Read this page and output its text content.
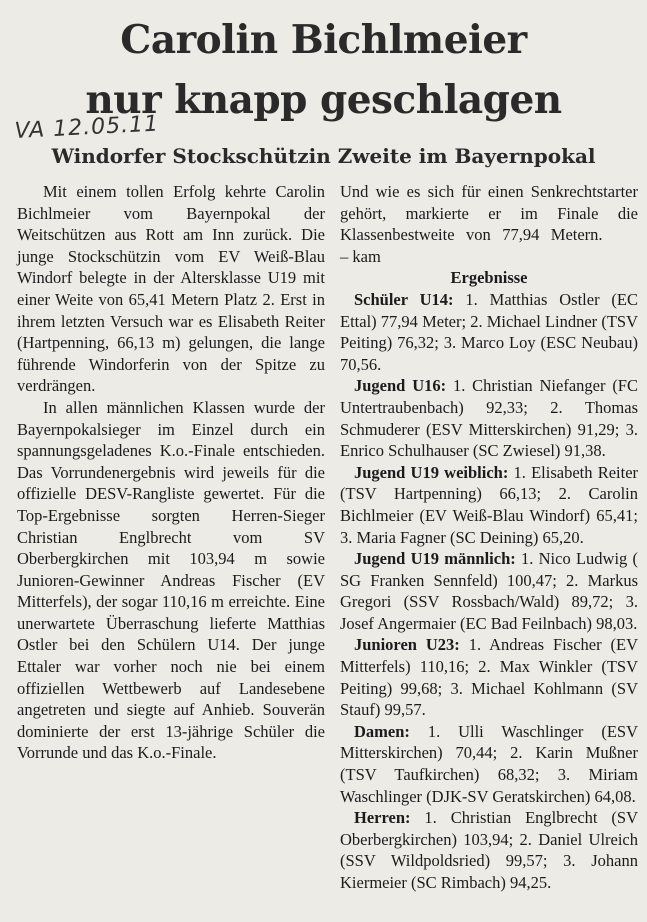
Carolin Bichlmeier
nur knapp geschlagen
VA 12.05.11
Windorfer Stockschützin Zweite im Bayernpokal

Mit einem tollen Erfolg kehrte Carolin Bichlmeier vom Bayernpokal der Weitschützen aus Rott am Inn zurück. Die junge Stockschützin vom EV Weiß-Blau Windorf belegte in der Altersklasse U19 mit einer Weite von 65,41 Metern Platz 2. Erst in ihrem letzten Versuch war es Elisabeth Reiter (Hartpenning, 66,13 m) gelungen, die lange führende Windorferin von der Spitze zu verdrängen.

In allen männlichen Klassen wurde der Bayernpokalsieger im Einzel durch ein spannungsgeladenes K.o.-Finale entschieden. Das Vorrundenergebnis wird jeweils für die offizielle DESV-Rangliste gewertet. Für die Top-Ergebnisse sorgten Herren-Sieger Christian Englbrecht vom SV Oberbergkirchen mit 103,94 m sowie Junioren-Gewinner Andreas Fischer (EV Mitterfels), der sogar 110,16 m erreichte. Eine unerwartete Überraschung lieferte Matthias Ostler bei den Schülern U14. Der junge Ettaler war vorher noch nie bei einem offiziellen Wettbewerb auf Landesebene angetreten und siegte auf Anhieb. Souverän dominierte der erst 13-jährige Schüler die Vorrunde und das K.o.-Finale.

Und wie es sich für einen Senkrechtstarter gehört, markierte er im Finale die Klassenbestweite von 77,94 Metern. – kam

Ergebnisse

Schüler U14: 1. Matthias Ostler (EC Ettal) 77,94 Meter; 2. Michael Lindner (TSV Peiting) 76,32; 3. Marco Loy (ESC Neubau) 70,56.

Jugend U16: 1. Christian Niefanger (FC Untertraubenbach) 92,33; 2. Thomas Schmuderer (ESV Mitterskirchen) 91,29; 3. Enrico Schulhauser (SC Zwiesel) 91,38.

Jugend U19 weiblich: 1. Elisabeth Reiter (TSV Hartpenning) 66,13; 2. Carolin Bichlmeier (EV Weiß-Blau Windorf) 65,41; 3. Maria Fagner (SC Deining) 65,20.

Jugend U19 männlich: 1. Nico Ludwig ( SG Franken Sennfeld) 100,47; 2. Markus Gregori (SSV Rossbach/Wald) 89,72; 3. Josef Angermaier (EC Bad Feilnbach) 98,03.

Junioren U23: 1. Andreas Fischer (EV Mitterfels) 110,16; 2. Max Winkler (TSV Peiting) 99,68; 3. Michael Kohlmann (SV Stauf) 99,57.

Damen: 1. Ulli Waschlinger (ESV Mitterskirchen) 70,44; 2. Karin Mußner (TSV Taufkirchen) 68,32; 3. Miriam Waschlinger (DJK-SV Geratskirchen) 64,08.

Herren: 1. Christian Englbrecht (SV Oberbergkirchen) 103,94; 2. Daniel Ulreich (SSV Wildpoldsried) 99,57; 3. Johann Kiermeier (SC Rimbach) 94,25.
